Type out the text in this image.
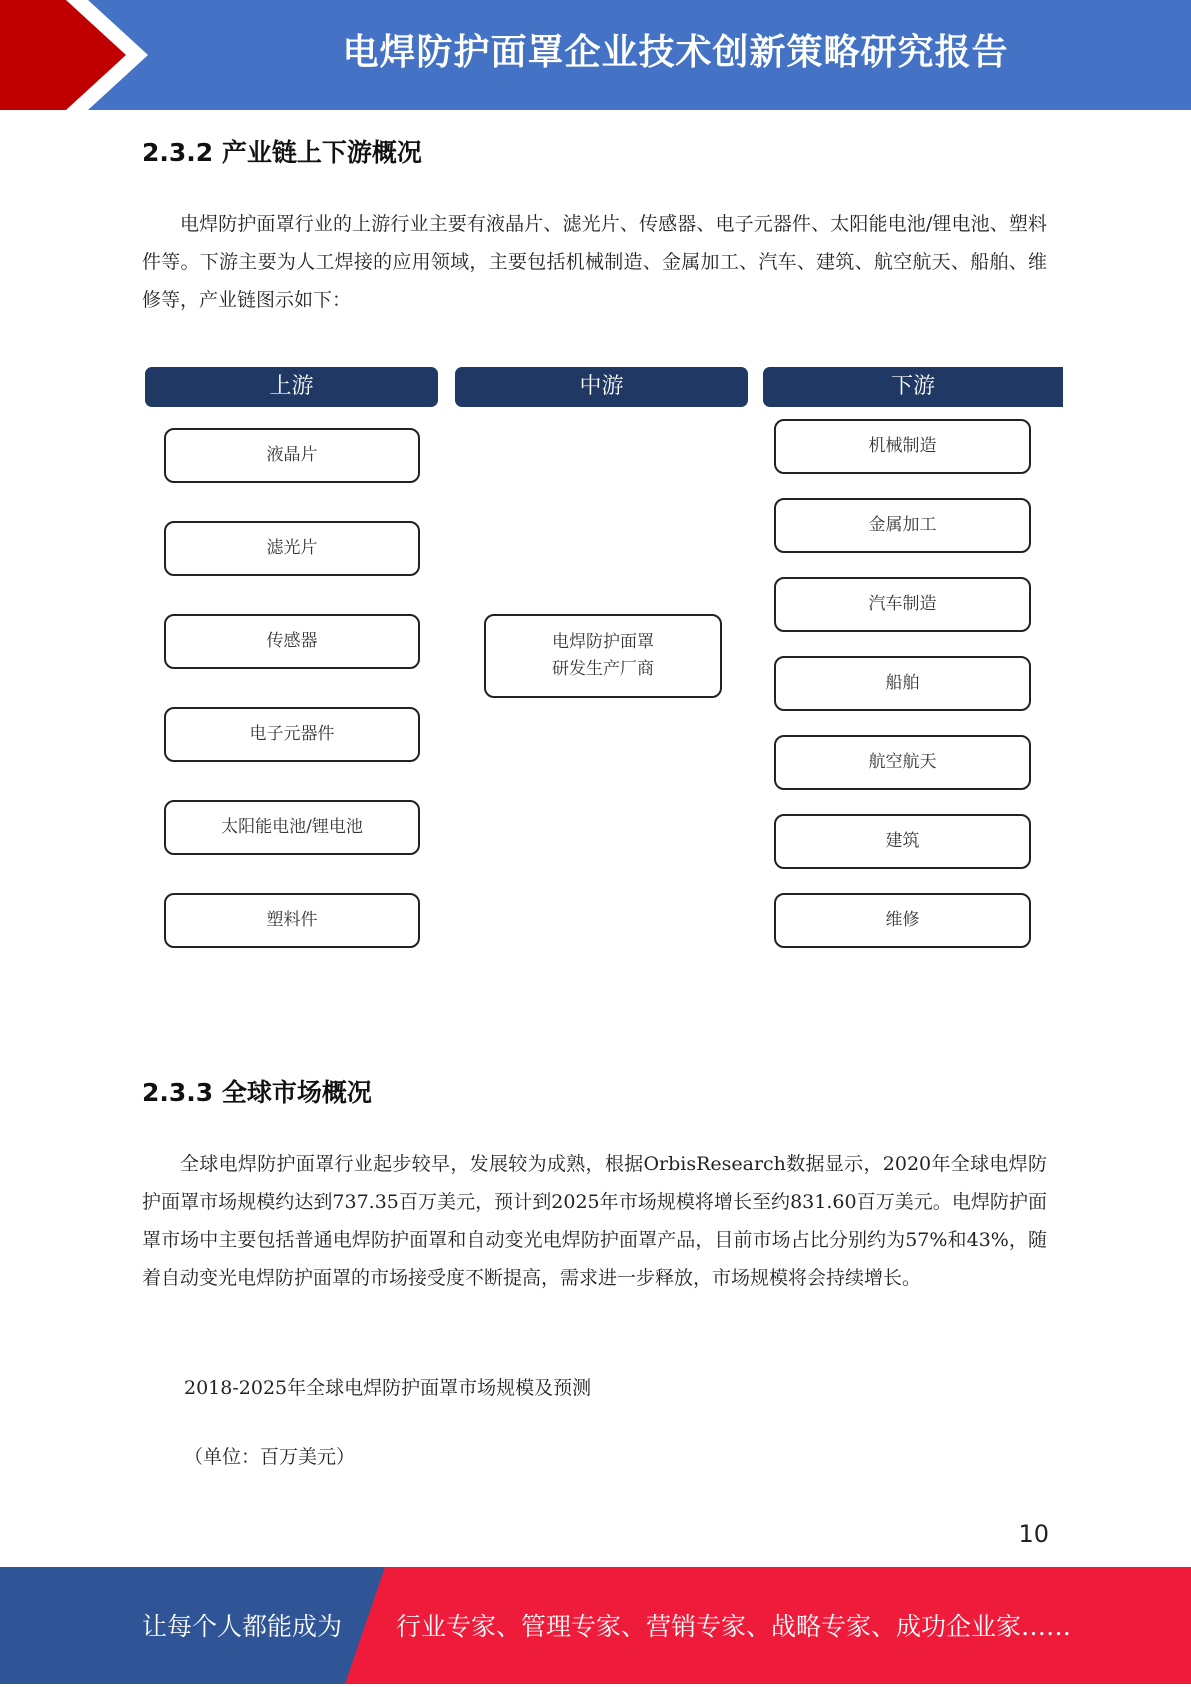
电焊防护面罩企业技术创新策略研究报告
2.3.2 产业链上下游概况
电焊防护面罩行业的上游行业主要有液晶片、滤光片、传感器、电子元器件、太阳能电池/锂电池、塑料件等。下游主要为人工焊接的应用领域，主要包括机械制造、金属加工、汽车、建筑、航空航天、船舶、维修等，产业链图示如下：
上游	中游	下游
液晶片
滤光片
传感器
电子元器件
太阳能电池/锂电池
塑料件
电焊防护面罩
研发生产厂商
机械制造
金属加工
汽车制造
船舶
航空航天
建筑
维修
2.3.3 全球市场概况
全球电焊防护面罩行业起步较早，发展较为成熟，根据OrbisResearch数据显示，2020年全球电焊防护面罩市场规模约达到737.35百万美元，预计到2025年市场规模将增长至约831.60百万美元。电焊防护面罩市场中主要包括普通电焊防护面罩和自动变光电焊防护面罩产品，目前市场占比分别约为57%和43%，随着自动变光电焊防护面罩的市场接受度不断提高，需求进一步释放，市场规模将会持续增长。
2018-2025年全球电焊防护面罩市场规模及预测
（单位：百万美元）
10
让每个人都能成为 行业专家、管理专家、营销专家、战略专家、成功企业家……
